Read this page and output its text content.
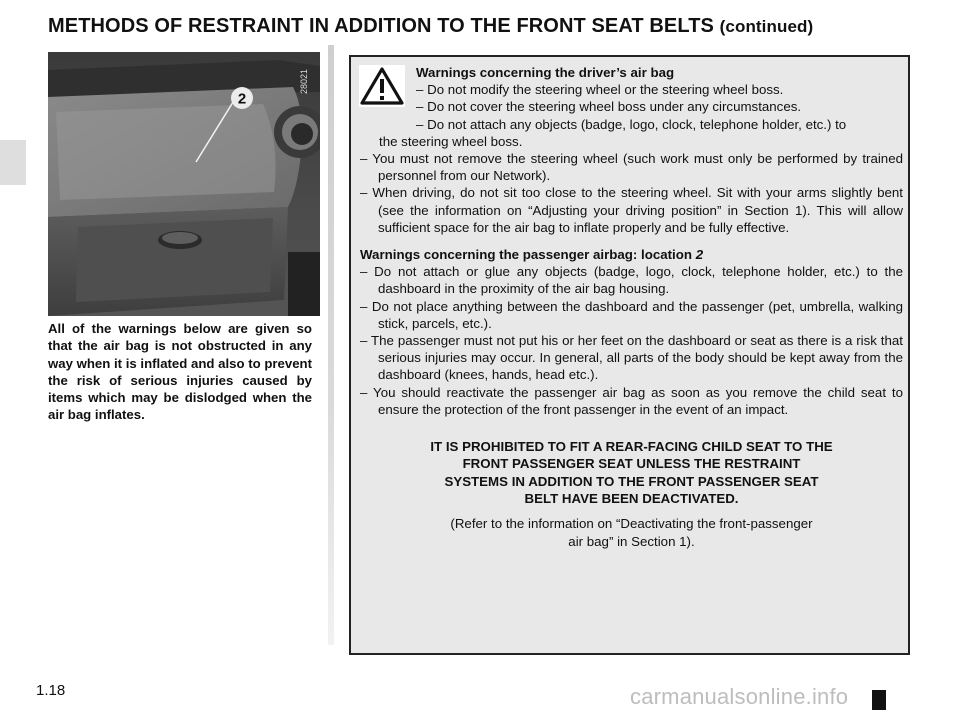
METHODS OF RESTRAINT IN ADDITION TO THE FRONT SEAT BELTS (continued)
2
28021
All of the warnings below are given so that the air bag is not obstructed in any way when it is inflated and also to prevent the risk of serious injuries caused by items which may be dislodged when the air bag inflates.
Warnings concerning the driver’s air bag
– Do not modify the steering wheel or the steering wheel boss.
– Do not cover the steering wheel boss under any circumstances.
– Do not attach any objects (badge, logo, clock, telephone holder, etc.) to
the steering wheel boss.

– You must not remove the steering wheel (such work must only be performed by trained personnel from our Network).

– When driving, do not sit too close to the steering wheel. Sit with your arms slightly bent (see the information on “Adjusting your driving position” in Section 1). This will allow sufficient space for the air bag to inflate properly and be fully effective.

Warnings concerning the passenger airbag: location 2

– Do not attach or glue any objects (badge, logo, clock, telephone holder, etc.) to the dashboard in the proximity of the air bag housing.

– Do not place anything between the dashboard and the passenger (pet, umbrella, walking stick, parcels, etc.).

– The passenger must not put his or her feet on the dashboard or seat as there is a risk that serious injuries may occur. In general, all parts of the body should be kept away from the dashboard (knees, hands, head etc.).

– You should reactivate the passenger air bag as soon as you remove the child seat to ensure the protection of the front passenger in the event of an impact.

IT IS PROHIBITED TO FIT A REAR-FACING CHILD SEAT TO THE FRONT PASSENGER SEAT UNLESS THE RESTRAINT SYSTEMS IN ADDITION TO THE FRONT PASSENGER SEAT BELT HAVE BEEN DEACTIVATED.
(Refer to the information on “Deactivating the front-passenger air bag” in Section 1).
1.18	carmanualsonline.info
